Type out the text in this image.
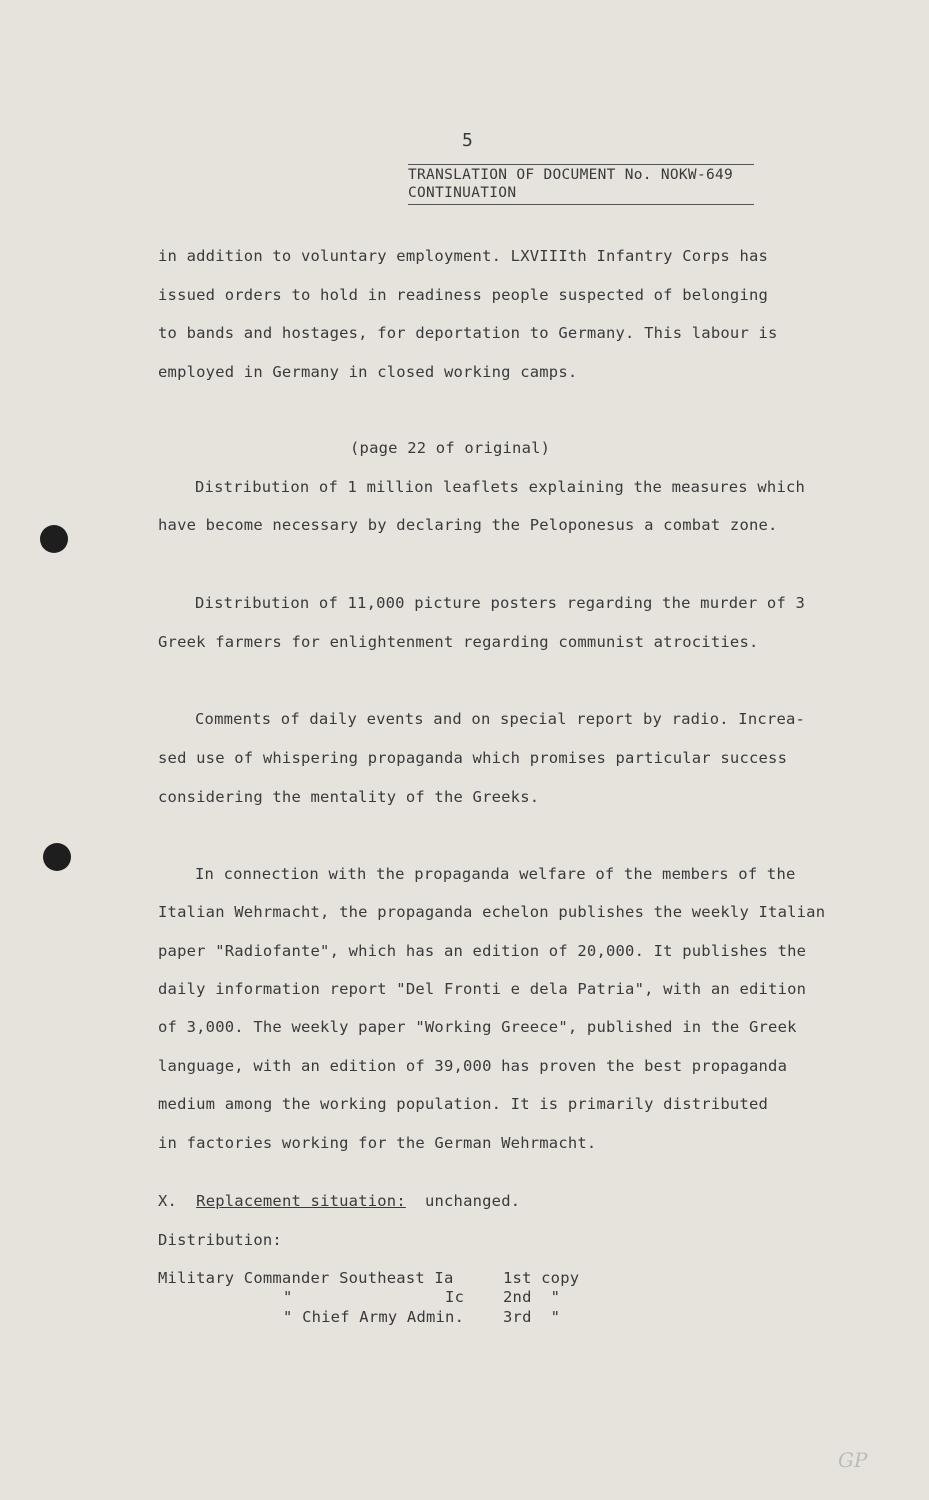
5
TRANSLATION OF DOCUMENT No. NOKW-649
CONTINUATION
in addition to voluntary employment. LXVIIIth Infantry Corps has
issued orders to hold in readiness people suspected of belonging
to bands and hostages, for deportation to Germany. This labour is
employed in Germany in closed working camps.
(page 22 of original)
Distribution of 1 million leaflets explaining the measures which
have become necessary by declaring the Peloponesus a combat zone.
Distribution of 11,000 picture posters regarding the murder of 3
Greek farmers for enlightenment regarding communist atrocities.
Comments of daily events and on special report by radio. Increa-
sed use of whispering propaganda which promises particular success
considering the mentality of the Greeks.
In connection with the propaganda welfare of the members of the
Italian Wehrmacht, the propaganda echelon publishes the weekly Italian
paper "Radiofante", which has an edition of 20,000. It publishes the
daily information report "Del Fronti e dela Patria", with an edition
of 3,000. The weekly paper "Working Greece", published in the Greek
language, with an edition of 39,000 has proven the best propaganda
medium among the working population. It is primarily distributed
in factories working for the German Wehrmacht.
X. Replacement situation: unchanged.
Distribution:
Military Commander Southeast Ia	1st copy
"                Ic	2nd  "
" Chief Army Admin.	3rd  "
GP
